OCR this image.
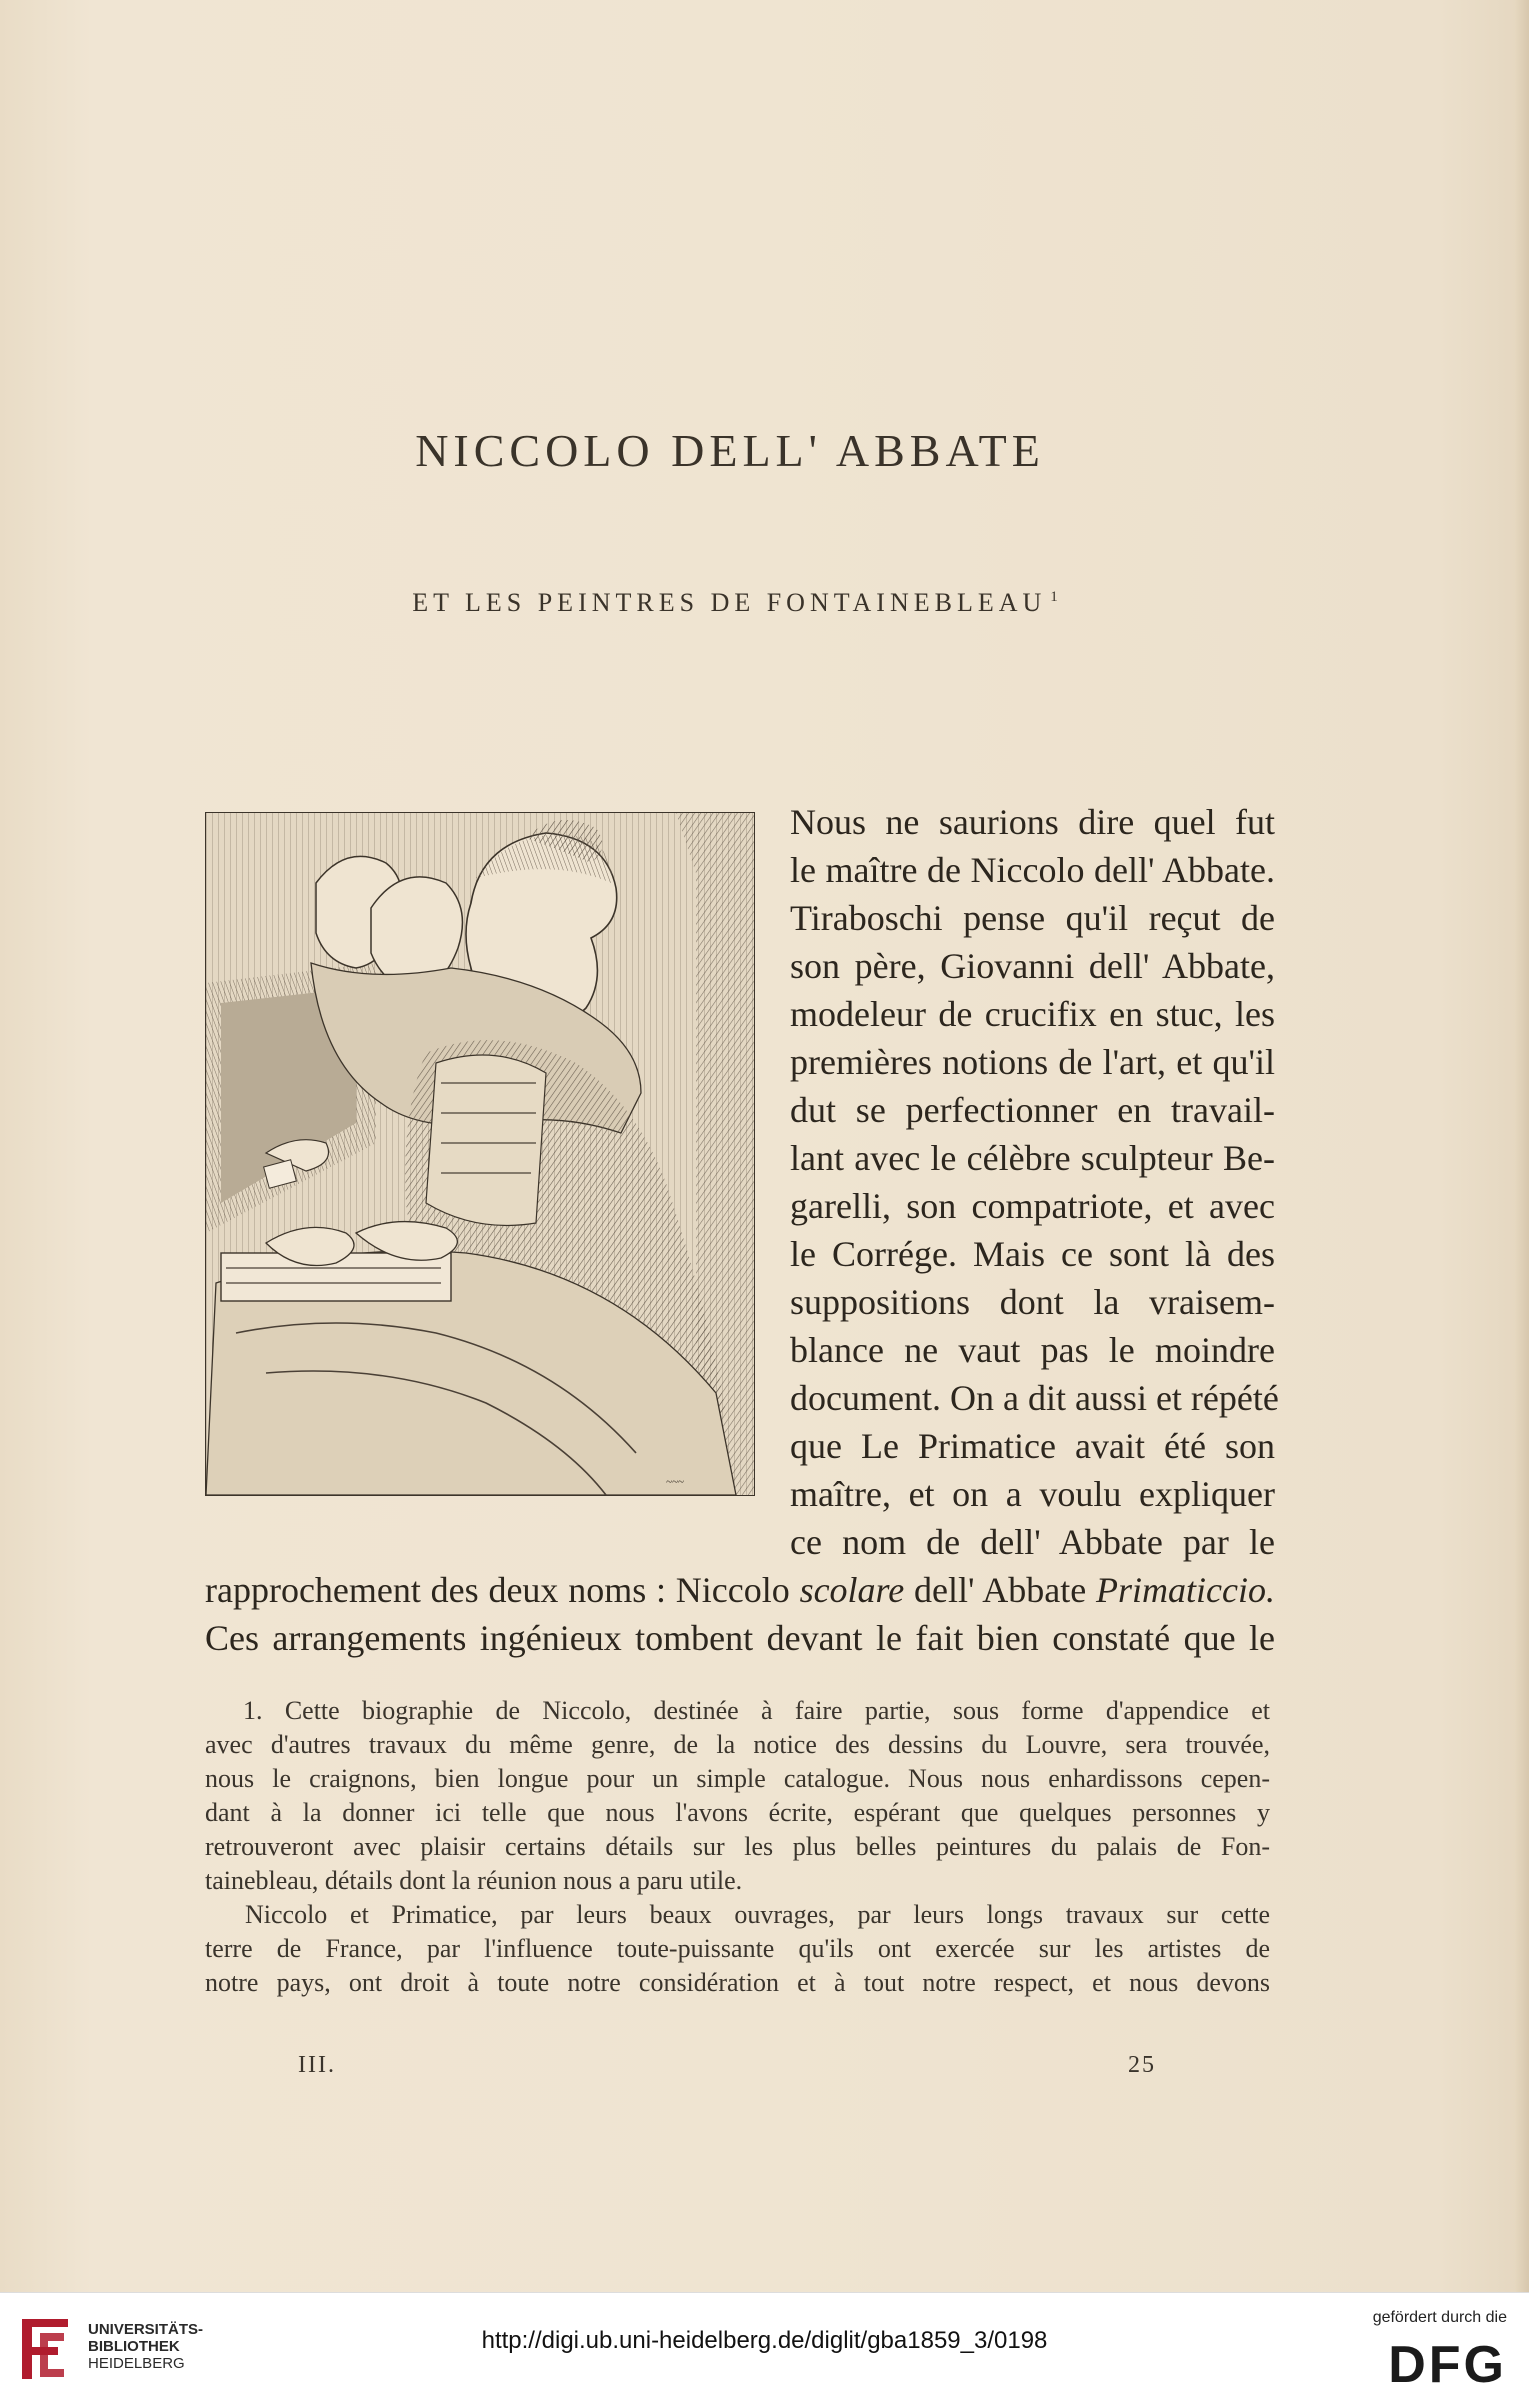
NICCOLO DELL' ABBATE
ET LES PEINTRES DE FONTAINEBLEAU $^1$
~~~
Nous ne saurions dire quel fut
le maître de Niccolo dell' Abbate.
Tiraboschi pense qu'il reçut de
son père, Giovanni dell' Abbate,
modeleur de crucifix en stuc, les
premières notions de l'art, et qu'il
dut se perfectionner en travail-
lant avec le célèbre sculpteur Be-
garelli, son compatriote, et avec
le Corrége. Mais ce sont là des
suppositions dont la vraisem-
blance ne vaut pas le moindre
document. On a dit aussi et répété
que Le Primatice avait été son
maître, et on a voulu expliquer
ce nom de dell' Abbate par le
rapprochement des deux noms : Niccolo scolare dell' Abbate Primaticcio.
Ces arrangements ingénieux tombent devant le fait bien constaté que le
1. Cette biographie de Niccolo, destinée à faire partie, sous forme d'appendice et
avec d'autres travaux du même genre, de la notice des dessins du Louvre, sera trouvée,
nous le craignons, bien longue pour un simple catalogue. Nous nous enhardissons cepen-
dant à la donner ici telle que nous l'avons écrite, espérant que quelques personnes y
retrouveront avec plaisir certains détails sur les plus belles peintures du palais de Fon-
tainebleau, détails dont la réunion nous a paru utile.
Niccolo et Primatice, par leurs beaux ouvrages, par leurs longs travaux sur cette
terre de France, par l'influence toute-puissante qu'ils ont exercée sur les artistes de
notre pays, ont droit à toute notre considération et à tout notre respect, et nous devons
III.	25
UNIVERSITÄTS-
BIBLIOTHEK
HEIDELBERG
http://digi.ub.uni-heidelberg.de/diglit/gba1859_3/0198
gefördert durch die
DFG
